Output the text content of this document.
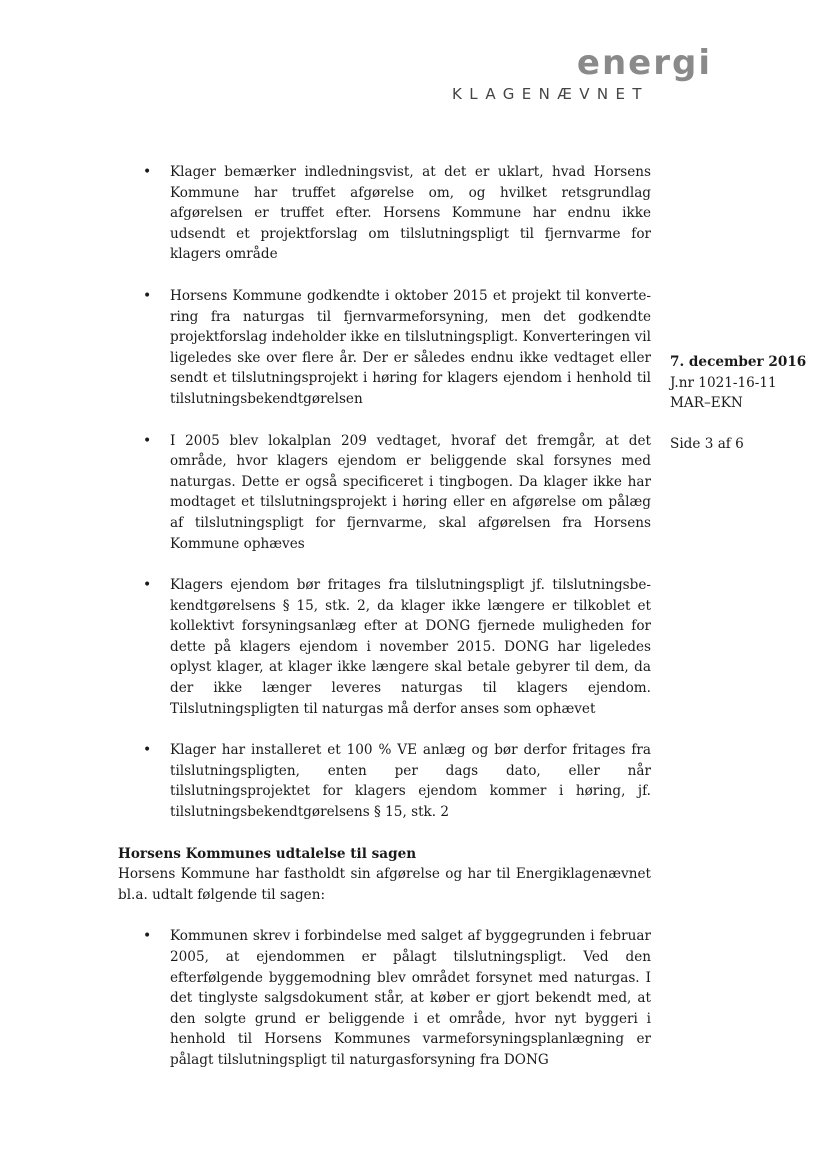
energi
KLAGENÆVNET
7. december 2016
J.nr 1021-16-11
MAR–EKN
Side 3 af 6
• Klager bemærker indledningsvist, at det er uklart, hvad Horsens Kommune har truffet afgørelse om, og hvilket retsgrundlag afgørelsen er truffet efter. Horsens Kommune har endnu ikke udsendt et projektforslag om tilslutningspligt til fjernvarme for klagers område
• Horsens Kommune godkendte i oktober 2015 et projekt til konvertering fra naturgas til fjernvarmeforsyning, men det godkendte projektforslag indeholder ikke en tilslutningspligt. Konverteringen vil ligeledes ske over flere år. Der er således endnu ikke vedtaget eller sendt et tilslutningsprojekt i høring for klagers ejendom i henhold til tilslutningsbekendtgørelsen
• I 2005 blev lokalplan 209 vedtaget, hvoraf det fremgår, at det område, hvor klagers ejendom er beliggende skal forsynes med naturgas. Dette er også specificeret i tingbogen. Da klager ikke har modtaget et tilslutningsprojekt i høring eller en afgørelse om pålæg af tilslutningspligt for fjernvarme, skal afgørelsen fra Horsens Kommune ophæves
• Klagers ejendom bør fritages fra tilslutningspligt jf. tilslutningsbekendtgørelsens § 15, stk. 2, da klager ikke længere er tilkoblet et kollektivt forsyningsanlæg efter at DONG fjernede muligheden for dette på klagers ejendom i november 2015. DONG har ligeledes oplyst klager, at klager ikke længere skal betale gebyrer til dem, da der ikke længer leveres naturgas til klagers ejendom. Tilslutningspligten til naturgas må derfor anses som ophævet
• Klager har installeret et 100 % VE anlæg og bør derfor fritages fra tilslutningspligten, enten per dags dato, eller når tilslutningsprojektet for klagers ejendom kommer i høring, jf. tilslutningsbekendtgørelsens § 15, stk. 2
Horsens Kommunes udtalelse til sagen

Horsens Kommune har fastholdt sin afgørelse og har til Energiklagenævnet bl.a. udtalt følgende til sagen:

• Kommunen skrev i forbindelse med salget af byggegrunden i februar 2005, at ejendommen er pålagt tilslutningspligt. Ved den efterfølgende byggemodning blev området forsynet med naturgas. I det tinglyste salgsdokument står, at køber er gjort bekendt med, at den solgte grund er beliggende i et område, hvor nyt byggeri i henhold til Horsens Kommunes varmeforsyningsplanlægning er pålagt tilslutningspligt til naturgasforsyning fra DONG
